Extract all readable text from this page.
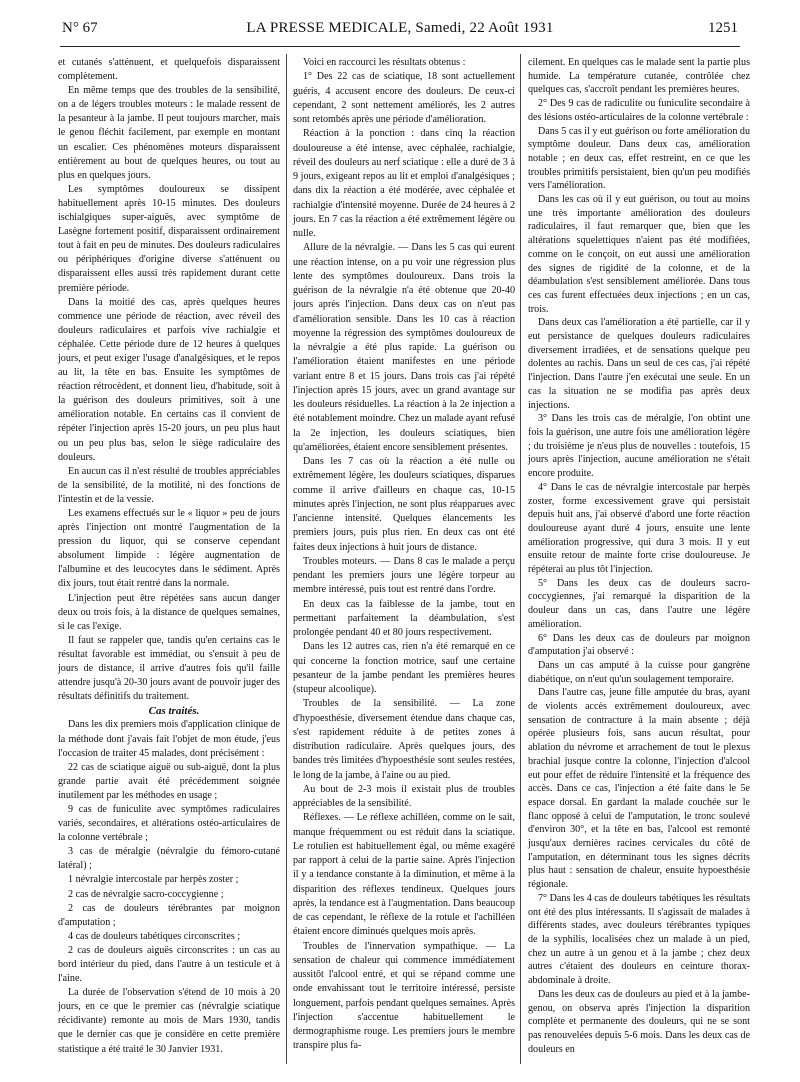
N° 67	LA PRESSE MEDICALE, Samedi, 22 Août 1931	1251

et cutanés s'atténuent, et quelquefois disparaissent complètement.

En même temps que des troubles de la sensibilité, on a de légers troubles moteurs : le malade ressent de la pesanteur à la jambe. Il peut toujours marcher, mais le genou fléchit facilement, par exemple en montant un escalier. Ces phénomènes moteurs disparaissent entièrement au bout de quelques heures, ou tout au plus en quelques jours.

Les symptômes douloureux se dissipent habituellement après 10-15 minutes. Des douleurs ischialgiques super-aiguës, avec symptôme de Lasègne fortement positif, disparaissent ordinairement tout à fait en peu de minutes. Des douleurs radiculaires ou périphériques d'origine diverse s'atténuent ou disparaissent elles aussi très rapidement durant cette première période.

Dans la moitié des cas, après quelques heures commence une période de réaction, avec réveil des douleurs radiculaires et parfois vive rachialgie et céphalée. Cette période dure de 12 heures à quelques jours, et peut exiger l'usage d'analgésiques, et le repos au lit, la tête en bas. Ensuite les symptômes de réaction rétrocèdent, et donnent lieu, d'habitude, soit à la guérison des douleurs primitives, soit à une amélioration notable. En certains cas il convient de répéter l'injection après 15-20 jours, un peu plus haut ou un peu plus bas, selon le siège radiculaire des douleurs.

En aucun cas il n'est résulté de troubles appréciables de la sensibilité, de la motilité, ni des fonctions de l'intestin et de la vessie.

Les examens effectués sur le « liquor » peu de jours après l'injection ont montré l'augmentation de la pression du liquor, qui se conserve cependant absolument limpide : légère augmentation de l'albumine et des leucocytes dans le sédiment. Après dix jours, tout était rentré dans la normale.

L'injection peut être répétées sans aucun danger deux ou trois fois, à la distance de quelques semaines, si le cas l'exige.

Il faut se rappeler que, tandis qu'en certains cas le résultat favorable est immédiat, ou s'ensuit à peu de jours de distance, il arrive d'autres fois qu'il faille attendre jusqu'à 20-30 jours avant de pouvoir juger des résultats définitifs du traitement.

Cas traités.

Dans les dix premiers mois d'application clinique de la méthode dont j'avais fait l'objet de mon étude, j'eus l'occasion de traiter 45 malades, dont précisément :

22 cas de sciatique aiguë ou sub-aiguë, dont la plus grande partie avait été précédemment soignée inutilement par les méthodes en usage ;

9 cas de funiculite avec symptômes radiculaires variés, secondaires, et altérations ostéo-articulaires de la colonne vertébrale ;

3 cas de méralgie (névralgie du fémoro-cutané latéral) ;

1 névralgie intercostale par herpès zoster ;

2 cas de névralgie sacro-coccygienne ;

2 cas de douleurs térébrantes par moignon d'amputation ;

4 cas de douleurs tabétiques circonscrites ;

2 cas de douleurs aiguës circonscrites : un cas au bord intérieur du pied, dans l'autre à un testicule et à l'aine.

La durée de l'observation s'étend de 10 mois à 20 jours, en ce que le premier cas (névralgie sciatique récidivante) remonte au mois de Mars 1930, tandis que le dernier cas que je considère en cette première statistique a été traité le 30 Janvier 1931.

Voici en raccourci les résultats obtenus :

1° Des 22 cas de sciatique, 18 sont actuellement guéris, 4 accusent encore des douleurs. De ceux-ci cependant, 2 sont nettement améliorés, les 2 autres sont retombés après une période d'amélioration.

Réaction à la ponction : dans cinq la réaction douloureuse a été intense, avec céphalée, rachialgie, réveil des douleurs au nerf sciatique : elle a duré de 3 à 9 jours, exigeant repos au lit et emploi d'analgésiques ; dans dix la réaction a été modérée, avec céphalée et rachialgie d'intensité moyenne. Durée de 24 heures à 2 jours. En 7 cas la réaction a été extrêmement légère ou nulle.

Allure de la névralgie. — Dans les 5 cas qui eurent une réaction intense, on a pu voir une régression plus lente des symptômes douloureux. Dans trois la guérison de la névralgie n'a été obtenue que 20-40 jours après l'injection. Dans deux cas on n'eut pas d'amélioration sensible. Dans les 10 cas à réaction moyenne la régression des symptômes douloureux de la névralgie a été plus rapide. La guérison ou l'amélioration étaient manifestes en une période variant entre 8 et 15 jours. Dans trois cas j'ai répété l'injection après 15 jours, avec un grand avantage sur les douleurs résiduelles. La réaction à la 2e injection a été notablement moindre. Chez un malade ayant refusé la 2e injection, les douleurs sciatiques, bien qu'améliorées, étaient encore sensiblement présentes.

Dans les 7 cas où la réaction a été nulle ou extrêmement légère, les douleurs sciatiques, disparues comme il arrive d'ailleurs en chaque cas, 10-15 minutes après l'injection, ne sont plus réapparues avec l'ancienne intensité. Quelques élancements les premiers jours, puis plus rien. En deux cas ont été faites deux injections à huit jours de distance.

Troubles moteurs. — Dans 8 cas le malade a perçu pendant les premiers jours une légère torpeur au membre intéressé, puis tout est rentré dans l'ordre.

En deux cas la faiblesse de la jambe, tout en permettant parfaitement la déambulation, s'est prolongée pendant 40 et 80 jours respectivement.

Dans les 12 autres cas, rien n'a été remarqué en ce qui concerne la fonction motrice, sauf une certaine pesanteur de la jambe pendant les premières heures (stupeur alcoolique).

Troubles de la sensibilité. — La zone d'hypoesthésie, diversement étendue dans chaque cas, s'est rapidement réduite à de petites zones à distribution radiculaire. Après quelques jours, des bandes très limitées d'hypoesthésie sont seules restées, le long de la jambe, à l'aine ou au pied.

Au bout de 2-3 mois il existait plus de troubles appréciables de la sensibilité.

Réflexes. — Le réflexe achilléen, comme on le sait, manque fréquemment ou est réduit dans la sciatique. Le rotulien est habituellement égal, ou même exagéré par rapport à celui de la partie saine. Après l'injection il y a tendance constante à la diminution, et même à la disparition des réflexes tendineux. Quelques jours après, la tendance est à l'augmentation. Dans beaucoup de cas cependant, le réflexe de la rotule et l'achilléen étaient encore diminués quelques mois après.

Troubles de l'innervation sympathique. — La sensation de chaleur qui commence immédiatement aussitôt l'alcool entré, et qui se répand comme une onde envahissant tout le territoire intéressé, persiste longuement, parfois pendant quelques semaines. Après l'injection s'accentue habituellement le dermographisme rouge. Les premiers jours le membre transpire plus fa-

cilement. En quelques cas le malade sent la partie plus humide. La température cutanée, contrôlée chez quelques cas, s'accroît pendant les premières heures.

2° Des 9 cas de radiculite ou funiculite secondaire à des lésions ostéo-articulaires de la colonne vertébrale :

Dans 5 cas il y eut guérison ou forte amélioration du symptôme douleur. Dans deux cas, amélioration notable ; en deux cas, effet restreint, en ce que les troubles primitifs persistaient, bien qu'un peu modifiés vers l'amélioration.

Dans les cas où il y eut guérison, ou tout au moins une très importante amélioration des douleurs radiculaires, il faut remarquer que, bien que les altérations squelettiques n'aient pas été modifiées, comme on le conçoit, on eut aussi une amélioration des signes de rigidité de la colonne, et de la déambulation s'est sensiblement améliorée. Dans tous ces cas furent effectuées deux injections ; en un cas, trois.

Dans deux cas l'amélioration a été partielle, car il y eut persistance de quelques douleurs radiculaires diversement irradiées, et de sensations quelque peu dolentes au rachis. Dans un seul de ces cas, j'ai répété l'injection. Dans l'autre j'en exécutai une seule. En un cas la situation ne se modifia pas après deux injections.

3° Dans les trois cas de méralgie, l'on obtint une fois la guérison, une autre fois une amélioration légère ; du troisième je n'eus plus de nouvelles : toutefois, 15 jours après l'injection, aucune amélioration ne s'était encore produite.

4° Dans le cas de névralgie intercostale par herpès zoster, forme excessivement grave qui persistait depuis huit ans, j'ai observé d'abord une forte réaction douloureuse ayant duré 4 jours, ensuite une lente amélioration progressive, qui dura 3 mois. Il y eut ensuite retour de mainte forte crise douloureuse. Je répéterai au plus tôt l'injection.

5° Dans les deux cas de douleurs sacro-coccygiennes, j'ai remarqué la disparition de la douleur dans un cas, dans l'autre une légère amélioration.

6° Dans les deux cas de douleurs par moignon d'amputation j'ai observé :

Dans un cas amputé à la cuisse pour gangrène diabétique, on n'eut qu'un soulagement temporaire.

Dans l'autre cas, jeune fille amputée du bras, ayant de violents accès extrêmement douloureux, avec sensation de contracture à la main absente ; déjà opérée plusieurs fois, sans aucun résultat, pour ablation du névrome et arrachement de tout le plexus brachial jusque contre la colonne, l'injection d'alcool eut pour effet de réduire l'intensité et la fréquence des accès. Dans ce cas, l'injection a été faite dans le 5e espace dorsal. En gardant la malade couchée sur le flanc opposé à celui de l'amputation, le tronc soulevé d'environ 30°, et la tête en bas, l'alcool est remonté jusqu'aux dernières racines cervicales du côté de l'amputation, en déterminant tous les signes décrits plus haut : sensation de chaleur, ensuite hypoesthésie régionale.

7° Dans les 4 cas de douleurs tabétiques les résultats ont été des plus intéressants. Il s'agissait de malades à différents stades, avec douleurs térébrantes typiques de la syphilis, localisées chez un malade à un pied, chez un autre à un genou et à la jambe ; chez deux autres c'étaient des douleurs en ceinture thorax-abdominale à droite.

Dans les deux cas de douleurs au pied et à la jambe-genou, on observa après l'injection la disparition complète et permanente des douleurs, qui ne se sont pas renouvelées depuis 5-6 mois. Dans les deux cas de douleurs en
